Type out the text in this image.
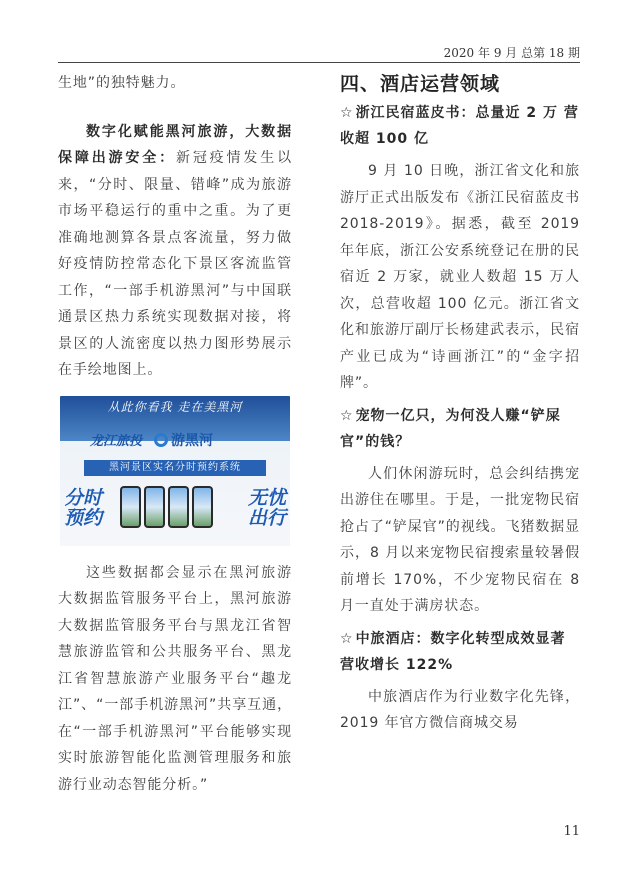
2020 年 9 月 总第 18 期

生地”的独特魅力。

数字化赋能黑河旅游，大数据保障出游安全：新冠疫情发生以来，“分时、限量、错峰”成为旅游市场平稳运行的重中之重。为了更准确地测算各景点客流量，努力做好疫情防控常态化下景区客流监管工作，“一部手机游黑河”与中国联通景区热力系统实现数据对接，将景区的人流密度以热力图形势展示在手绘地图上。

从此你看我 走在美黑河
龙江旅投 游黑河
黑河景区实名分时预约系统
分时预约
无忧出行

这些数据都会显示在黑河旅游大数据监管服务平台上，黑河旅游大数据监管服务平台与黑龙江省智慧旅游监管和公共服务平台、黑龙江省智慧旅游产业服务平台“趣龙江”、“一部手机游黑河”共享互通，在“一部手机游黑河”平台能够实现实时旅游智能化监测管理服务和旅游行业动态智能分析。”

四、酒店运营领域
☆ 浙江民宿蓝皮书：总量近 2 万 营收超 100 亿

9 月 10 日晚，浙江省文化和旅游厅正式出版发布《浙江民宿蓝皮书 2018-2019》。据悉，截至 2019 年年底，浙江公安系统登记在册的民宿近 2 万家，就业人数超 15 万人次，总营收超 100 亿元。浙江省文化和旅游厅副厅长杨建武表示，民宿产业已成为“诗画浙江”的“金字招牌”。

☆ 宠物一亿只，为何没人赚“铲屎官”的钱？

人们休闲游玩时，总会纠结携宠出游住在哪里。于是，一批宠物民宿抢占了“铲屎官”的视线。飞猪数据显示，8 月以来宠物民宿搜索量较暑假前增长 170%，不少宠物民宿在 8 月一直处于满房状态。

☆ 中旅酒店：数字化转型成效显著 营收增长 122%

中旅酒店作为行业数字化先锋，2019 年官方微信商城交易

11
